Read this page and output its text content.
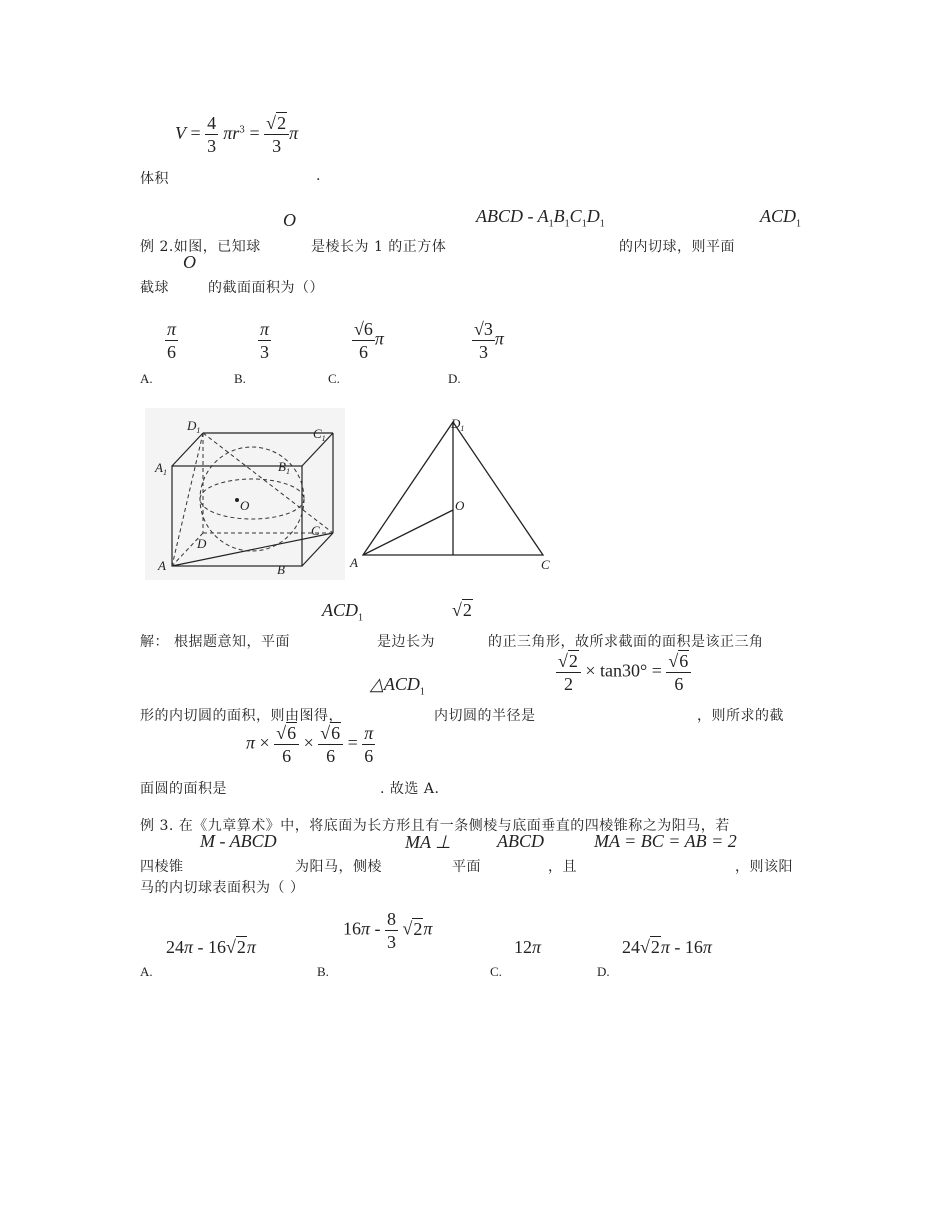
$V = \frac{4}{3} \pi r^3 = \frac{√2}{3}$ π
体积	.
O	ABCD - $A_1B_1C_1D_1$	$ACD_1$
例 2.如图，已知球	是棱长为 1 的正方体	的内切球，则平面
O
截球	的截面面积为（）
$\frac{\pi}{6}$	$\frac{\pi}{3}$	$\frac{√6}{6}$ π	$\frac{√3}{3}$ π
A.	B.	C.	D.
$D_1$	$C_1$
$A_1$	$B_1$
O
D
C
A	B
$D_1$
O
A	C
$ACD_1$	√2
解： 根据题意知，平面	是边长为	的正三角形，故所求截面的面积是该正三角
$\triangle ACD_1$	$\frac{√2}{2} \times \tan 30^\circ = \frac{√6}{6}$
形的内切圆的面积，则由图得，	内切圆的半径是	，则所求的截
$\pi \times \frac{√6}{6} \times \frac{√6}{6} = \frac{\pi}{6}$
面圆的面积是	. 故选 A.
例 3. 在《九章算术》中，将底面为长方形且有一条侧棱与底面垂直的四棱锥称之为阳马，若
M - ABCD	MA ⊥	ABCD	MA = BC = AB = 2
四棱锥	为阳马，侧棱	平面	，且	，则该阳
马的内切球表面积为（ ）
24π - 16√2π
$16\pi - \frac{8}{3} √2\pi$
12π	24√2π - 16π
A.	B.	C.	D.
